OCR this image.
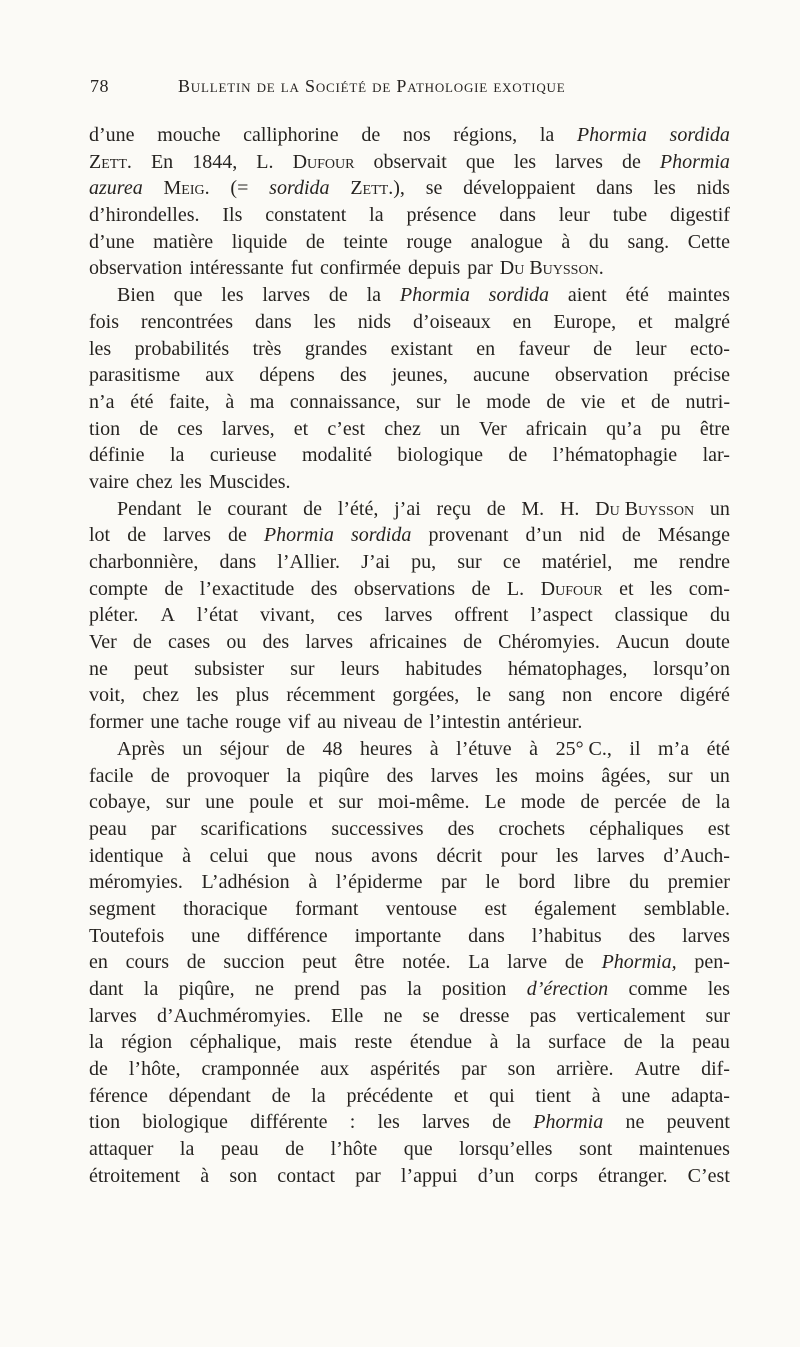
78	Bulletin de la Société de Pathologie exotique
d’une mouche calliphorine de nos régions, la Phormia sordida
Zett. En 1844, L. Dufour observait que les larves de Phormia
azurea Meig. (= sordida Zett.), se développaient dans les nids
d’hirondelles. Ils constatent la présence dans leur tube digestif
d’une matière liquide de teinte rouge analogue à du sang. Cette
observation intéressante fut confirmée depuis par Du Buysson.
Bien que les larves de la Phormia sordida aient été maintes
fois rencontrées dans les nids d’oiseaux en Europe, et malgré
les probabilités très grandes existant en faveur de leur ecto-
parasitisme aux dépens des jeunes, aucune observation précise
n’a été faite, à ma connaissance, sur le mode de vie et de nutri-
tion de ces larves, et c’est chez un Ver africain qu’a pu être
définie la curieuse modalité biologique de l’hématophagie lar-
vaire chez les Muscides.
Pendant le courant de l’été, j’ai reçu de M. H. Du Buysson un
lot de larves de Phormia sordida provenant d’un nid de Mésange
charbonnière, dans l’Allier. J’ai pu, sur ce matériel, me rendre
compte de l’exactitude des observations de L. Dufour et les com-
pléter. A l’état vivant, ces larves offrent l’aspect classique du
Ver de cases ou des larves africaines de Chéromyies. Aucun doute
ne peut subsister sur leurs habitudes hématophages, lorsqu’on
voit, chez les plus récemment gorgées, le sang non encore digéré
former une tache rouge vif au niveau de l’intestin antérieur.
Après un séjour de 48 heures à l’étuve à 25° C., il m’a été
facile de provoquer la piqûre des larves les moins âgées, sur un
cobaye, sur une poule et sur moi-même. Le mode de percée de la
peau par scarifications successives des crochets céphaliques est
identique à celui que nous avons décrit pour les larves d’Auch-
méromyies. L’adhésion à l’épiderme par le bord libre du premier
segment thoracique formant ventouse est également semblable.
Toutefois une différence importante dans l’habitus des larves
en cours de succion peut être notée. La larve de Phormia, pen-
dant la piqûre, ne prend pas la position d’érection comme les
larves d’Auchméromyies. Elle ne se dresse pas verticalement sur
la région céphalique, mais reste étendue à la surface de la peau
de l’hôte, cramponnée aux aspérités par son arrière. Autre dif-
férence dépendant de la précédente et qui tient à une adapta-
tion biologique différente : les larves de Phormia ne peuvent
attaquer la peau de l’hôte que lorsqu’elles sont maintenues
étroitement à son contact par l’appui d’un corps étranger. C’est
